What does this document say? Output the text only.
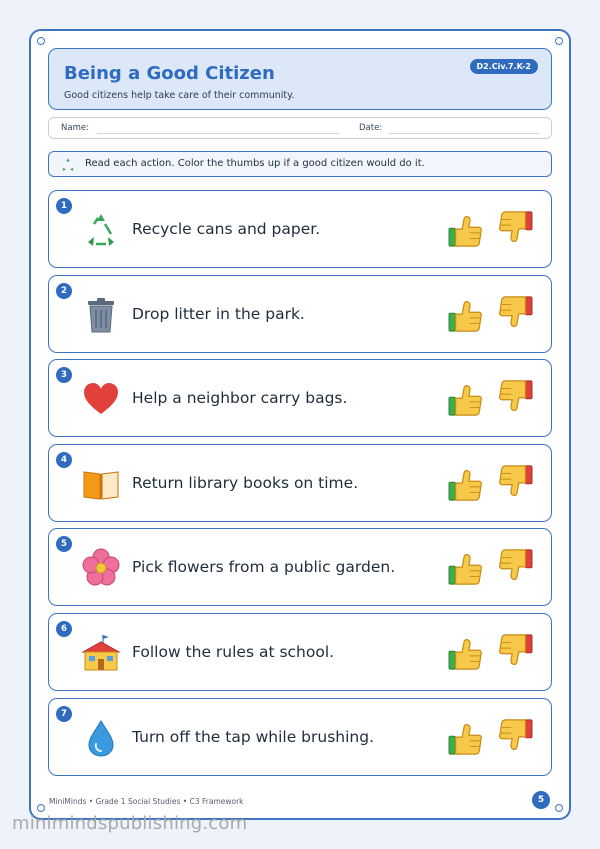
Being a Good Citizen
Good citizens help take care of their community.
D2.Civ.7.K-2
Name:	Date:
Read each action. Color the thumbs up if a good citizen would do it.
1
Recycle cans and paper.
2
Drop litter in the park.
3
Help a neighbor carry bags.
4
Return library books on time.
5
Pick flowers from a public garden.
6
Follow the rules at school.
7
Turn off the tap while brushing.
MiniMinds • Grade 1 Social Studies • C3 Framework	5
minimindspublishing.com
